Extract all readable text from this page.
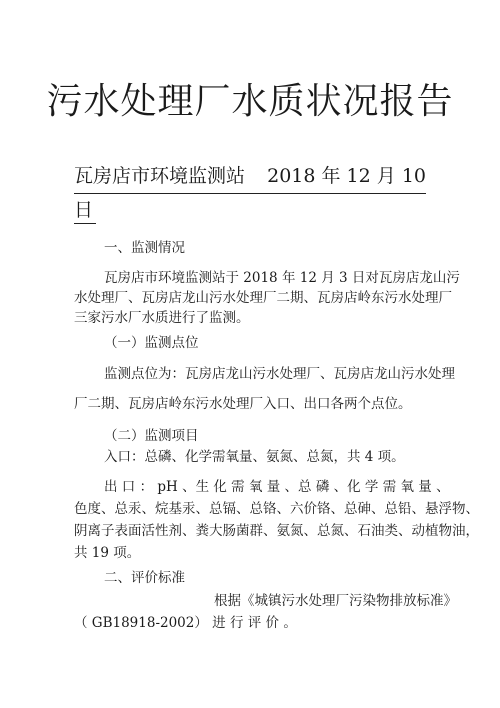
污水处理厂水质状况报告
瓦房店市环境监测站 2018 年 12 月 10
日
一、监测情况
瓦房店市环境监测站于 2018 年 12 月 3 日对瓦房店龙山污
水处理厂、瓦房店龙山污水处理厂二期、瓦房店岭东污水处理厂
三家污水厂水质进行了监测。
（一）监测点位
监测点位为：瓦房店龙山污水处理厂、瓦房店龙山污水处理
厂二期、瓦房店岭东污水处理厂入口、出口各两个点位。
（二）监测项目
入口：总磷、化学需氧量、氨氮、总氮，共 4 项。
出 口 ： pH 、生 化 需 氧 量 、总 磷 、化 学 需 氧 量 、
色度、总汞、烷基汞、总镉、总铬、六价铬、总砷、总铅、悬浮物、
阴离子表面活性剂、粪大肠菌群、氨氮、总氮、石油类、动植物油，
共 19 项。
二、评价标准
根据《城镇污水处理厂污染物排放标准》
（ GB18918-2002） 进 行 评 价 。
